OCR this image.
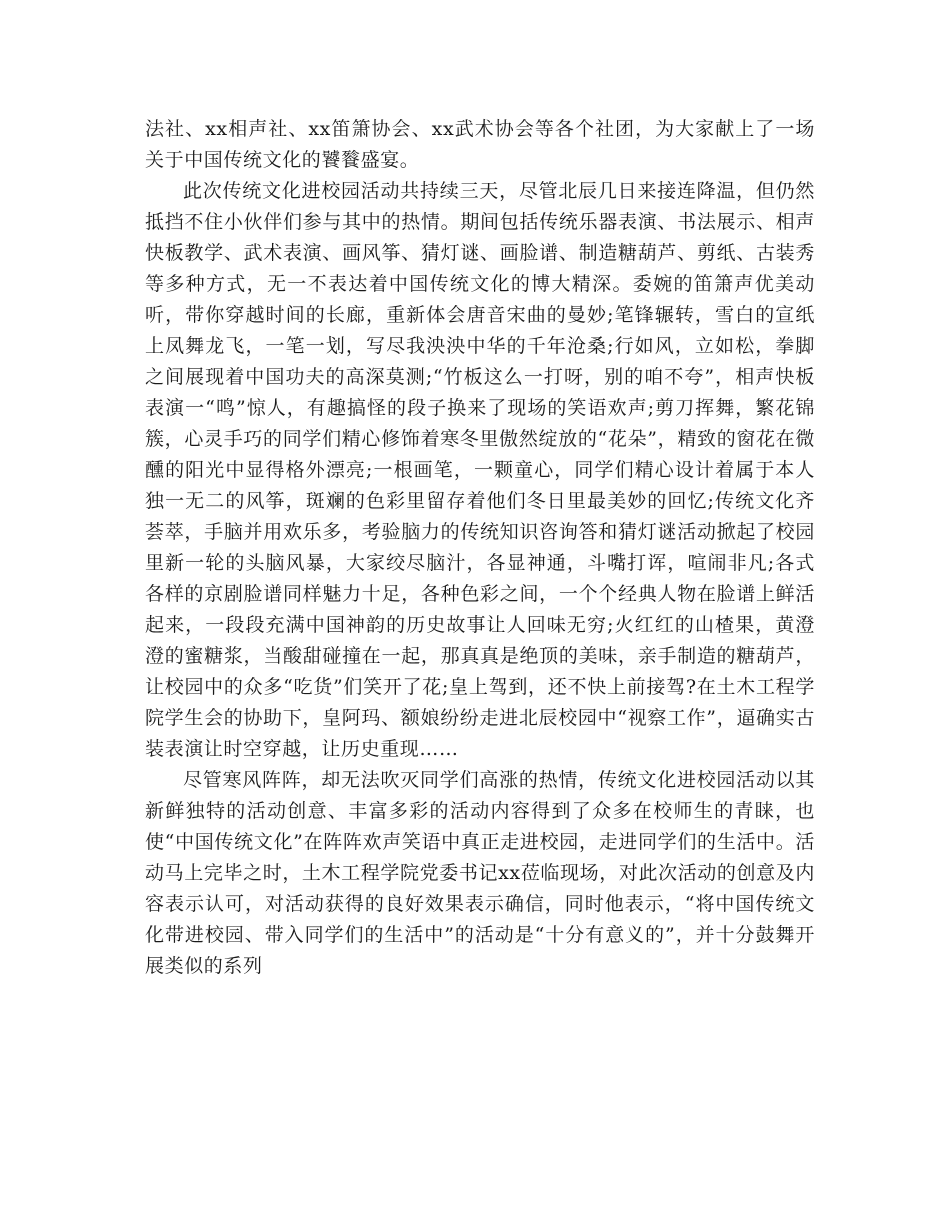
法社、xx相声社、xx笛箫协会、xx武术协会等各个社团，为大家献上了一场关于中国传统文化的饕餮盛宴。

此次传统文化进校园活动共持续三天，尽管北辰几日来接连降温，但仍然抵挡不住小伙伴们参与其中的热情。期间包括传统乐器表演、书法展示、相声快板教学、武术表演、画风筝、猜灯谜、画脸谱、制造糖葫芦、剪纸、古装秀等多种方式，无一不表达着中国传统文化的博大精深。委婉的笛箫声优美动听，带你穿越时间的长廊，重新体会唐音宋曲的曼妙;笔锋辗转，雪白的宣纸上凤舞龙飞，一笔一划，写尽我泱泱中华的千年沧桑;行如风，立如松，拳脚之间展现着中国功夫的高深莫测;“竹板这么一打呀，别的咱不夸”，相声快板表演一“鸣”惊人，有趣搞怪的段子换来了现场的笑语欢声;剪刀挥舞，繁花锦簇，心灵手巧的同学们精心修饰着寒冬里傲然绽放的“花朵”，精致的窗花在微醺的阳光中显得格外漂亮;一根画笔，一颗童心，同学们精心设计着属于本人独一无二的风筝，斑斓的色彩里留存着他们冬日里最美妙的回忆;传统文化齐荟萃，手脑并用欢乐多，考验脑力的传统知识咨询答和猜灯谜活动掀起了校园里新一轮的头脑风暴，大家绞尽脑汁，各显神通，斗嘴打诨，喧闹非凡;各式各样的京剧脸谱同样魅力十足，各种色彩之间，一个个经典人物在脸谱上鲜活起来，一段段充满中国神韵的历史故事让人回味无穷;火红红的山楂果，黄澄澄的蜜糖浆，当酸甜碰撞在一起，那真真是绝顶的美味，亲手制造的糖葫芦，让校园中的众多“吃货”们笑开了花;皇上驾到，还不快上前接驾?在土木工程学院学生会的协助下，皇阿玛、额娘纷纷走进北辰校园中“视察工作”，逼确实古装表演让时空穿越，让历史重现……

尽管寒风阵阵，却无法吹灭同学们高涨的热情，传统文化进校园活动以其新鲜独特的活动创意、丰富多彩的活动内容得到了众多在校师生的青睐，也使“中国传统文化”在阵阵欢声笑语中真正走进校园，走进同学们的生活中。活动马上完毕之时，土木工程学院党委书记xx莅临现场，对此次活动的创意及内容表示认可，对活动获得的良好效果表示确信，同时他表示，“将中国传统文化带进校园、带入同学们的生活中”的活动是“十分有意义的”，并十分鼓舞开展类似的系列
